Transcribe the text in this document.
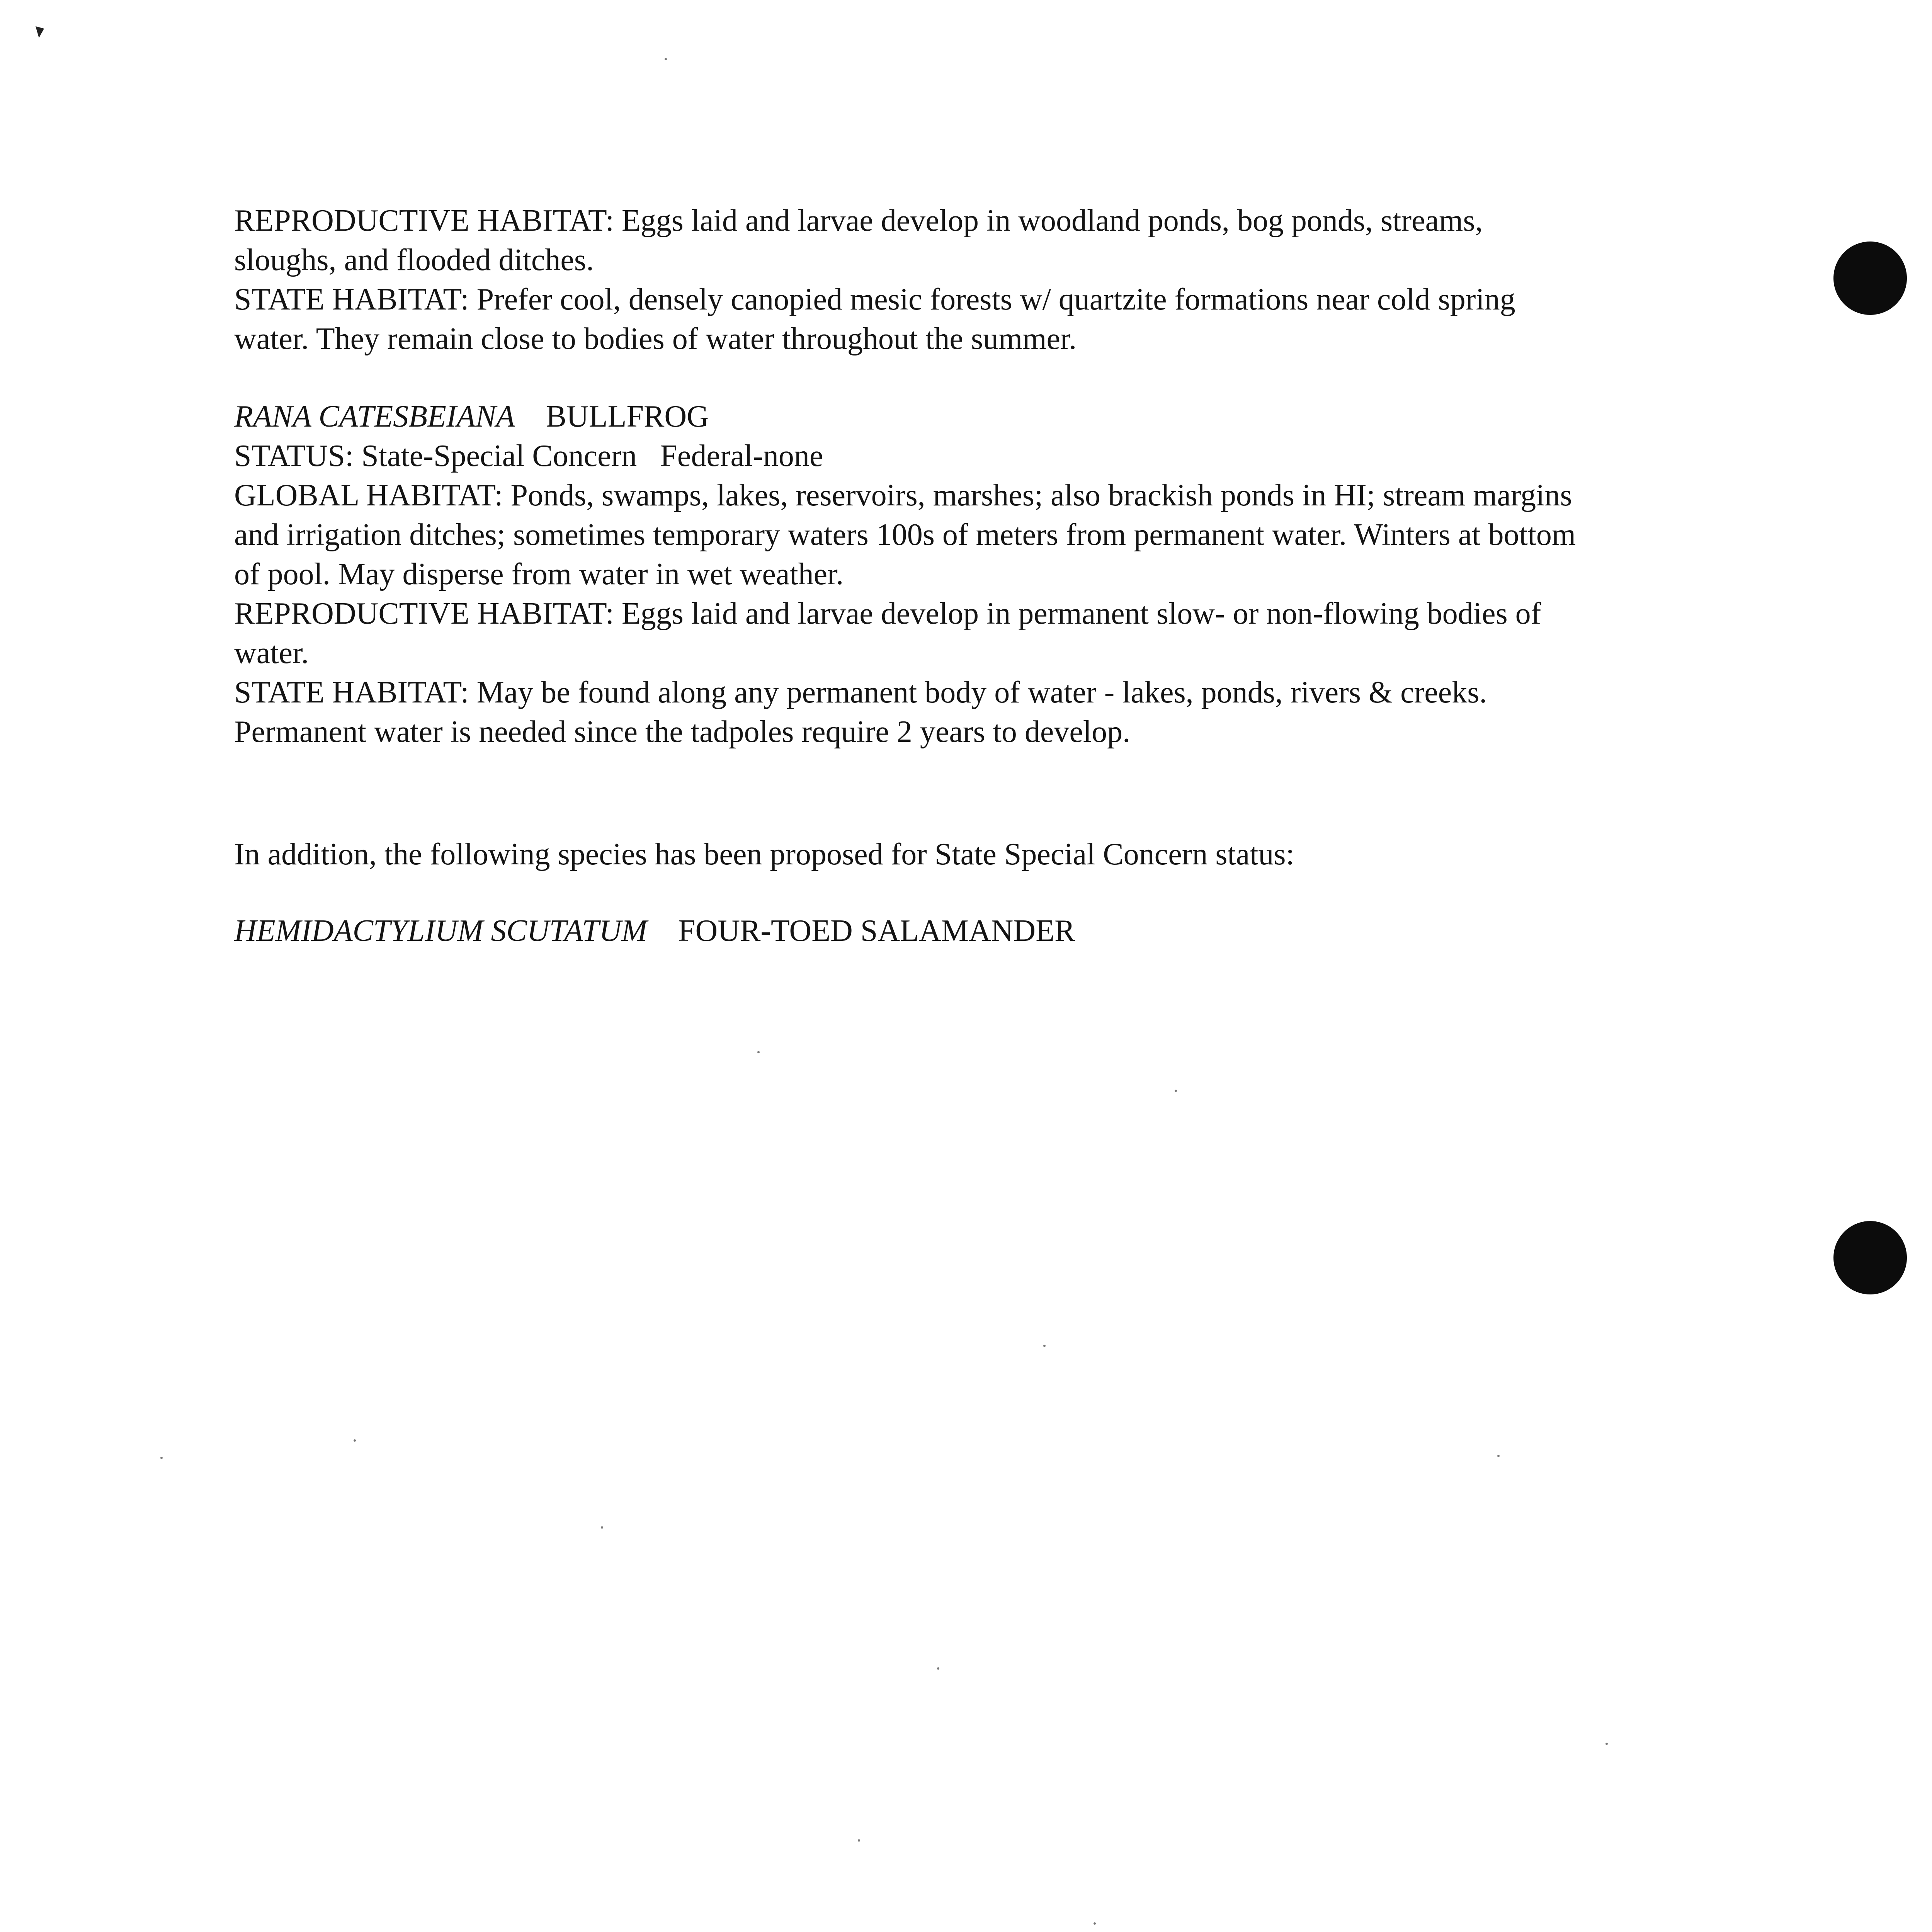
REPRODUCTIVE HABITAT: Eggs laid and larvae develop in woodland ponds, bog ponds, streams,
sloughs, and flooded ditches.
STATE HABITAT: Prefer cool, densely canopied mesic forests w/ quartzite formations near cold spring
water. They remain close to bodies of water throughout the summer.
RANA CATESBEIANA BULLFROG
STATUS: State-Special Concern Federal-none
GLOBAL HABITAT: Ponds, swamps, lakes, reservoirs, marshes; also brackish ponds in HI; stream margins
and irrigation ditches; sometimes temporary waters 100s of meters from permanent water. Winters at bottom
of pool. May disperse from water in wet weather.
REPRODUCTIVE HABITAT: Eggs laid and larvae develop in permanent slow- or non-flowing bodies of
water.
STATE HABITAT: May be found along any permanent body of water - lakes, ponds, rivers & creeks.
Permanent water is needed since the tadpoles require 2 years to develop.
In addition, the following species has been proposed for State Special Concern status:
HEMIDACTYLIUM SCUTATUM FOUR-TOED SALAMANDER
